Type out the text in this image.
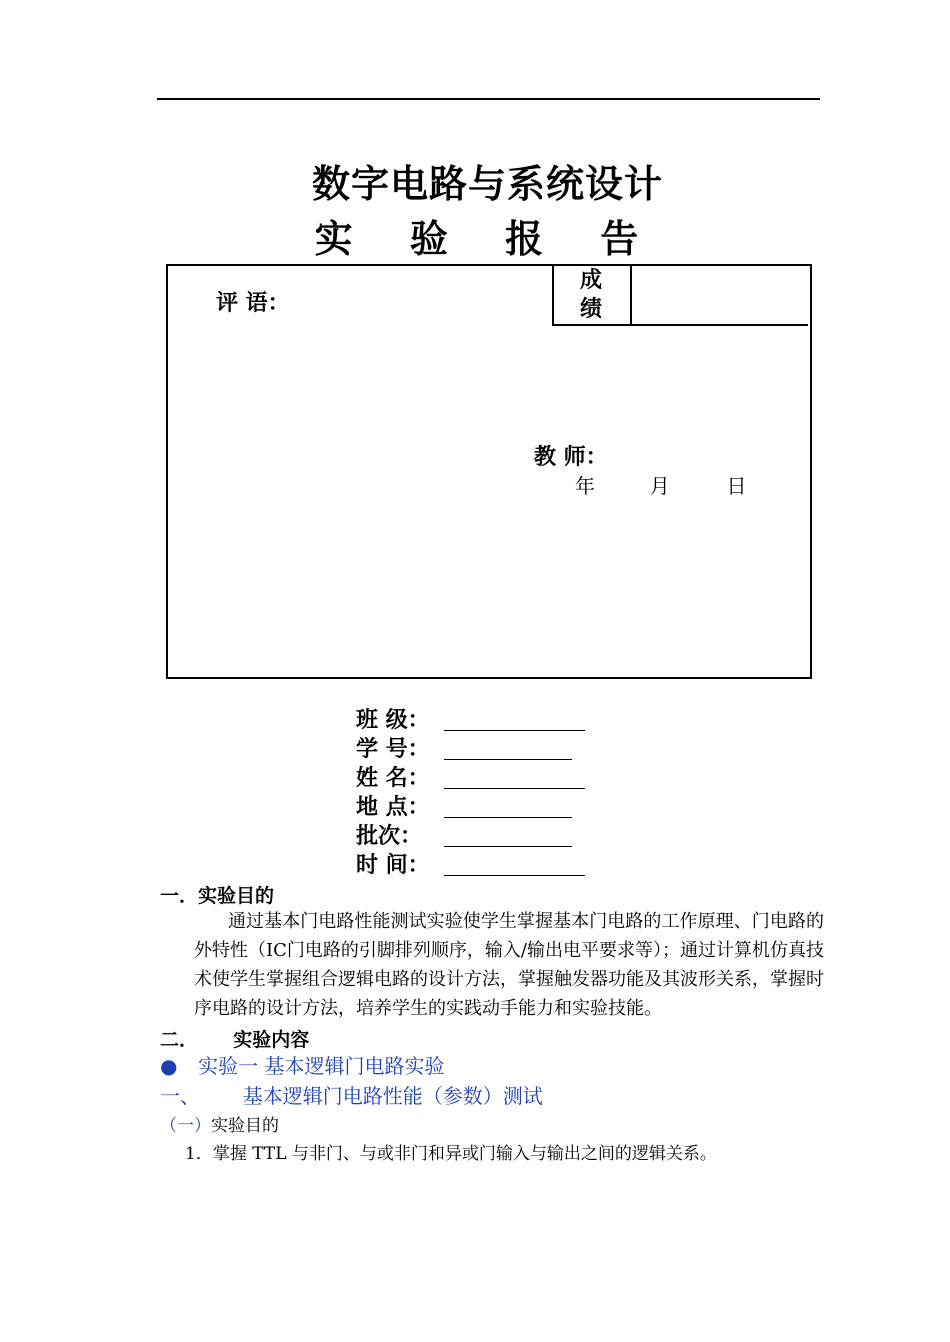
数字电路与系统设计
实 验 报 告
成
绩
评 语：
教 师：
年	月	日
班 级：
学 号：
姓 名：
地 点：
批次：
时 间：
一．实验目的
通过基本门电路性能测试实验使学生掌握基本门电路的工作原理、门电路的外特性（IC门电路的引脚排列顺序，输入/输出电平要求等）；通过计算机仿真技术使学生掌握组合逻辑电路的设计方法，掌握触发器功能及其波形关系，掌握时序电路的设计方法，培养学生的实践动手能力和实验技能。
二． 实验内容
● 实验一 基本逻辑门电路实验
一、 基本逻辑门电路性能（参数）测试
（一）实验目的
1．掌握 TTL 与非门、与或非门和异或门输入与输出之间的逻辑关系。
